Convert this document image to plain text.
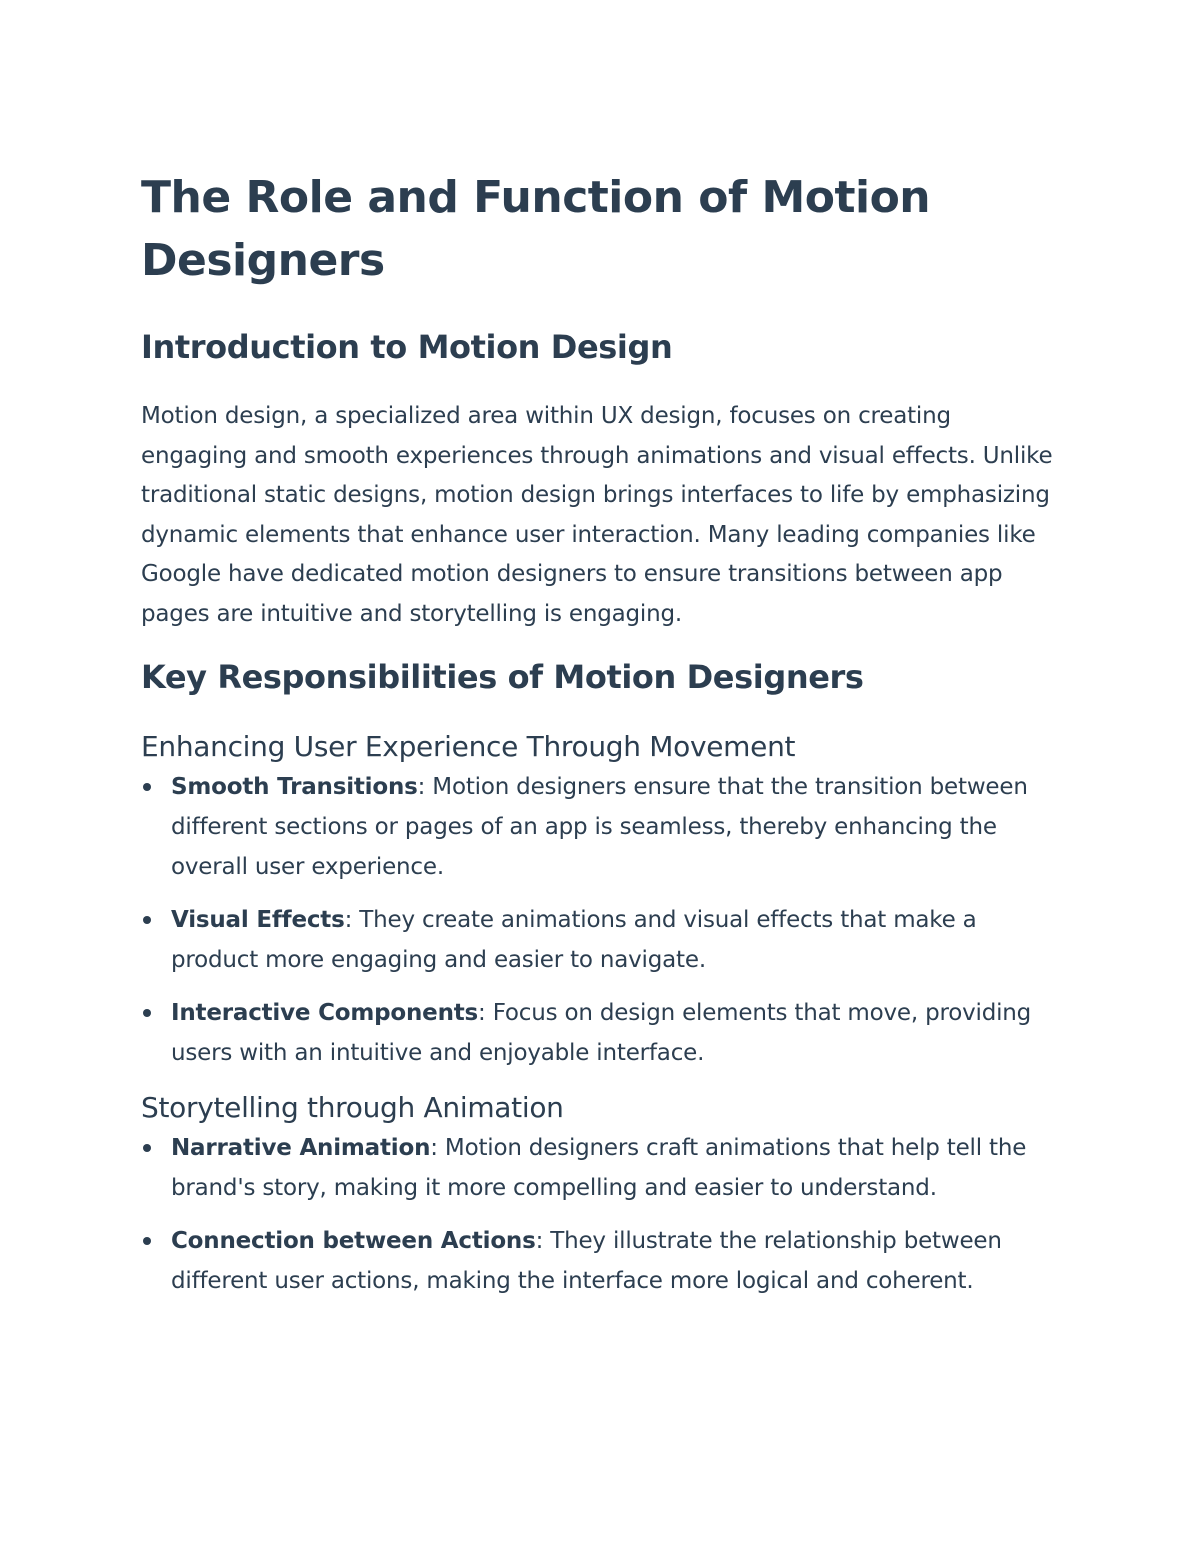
The Role and Function of Motion Designers
Introduction to Motion Design

Motion design, a specialized area within UX design, focuses on creating engaging and smooth experiences through animations and visual effects. Unlike traditional static designs, motion design brings interfaces to life by emphasizing dynamic elements that enhance user interaction. Many leading companies like Google have dedicated motion designers to ensure transitions between app pages are intuitive and storytelling is engaging.

Key Responsibilities of Motion Designers
Enhancing User Experience Through Movement
Smooth Transitions: Motion designers ensure that the transition between different sections or pages of an app is seamless, thereby enhancing the overall user experience.
Visual Effects: They create animations and visual effects that make a product more engaging and easier to navigate.
Interactive Components: Focus on design elements that move, providing users with an intuitive and enjoyable interface.
Storytelling through Animation
Narrative Animation: Motion designers craft animations that help tell the brand's story, making it more compelling and easier to understand.
Connection between Actions: They illustrate the relationship between different user actions, making the interface more logical and coherent.
